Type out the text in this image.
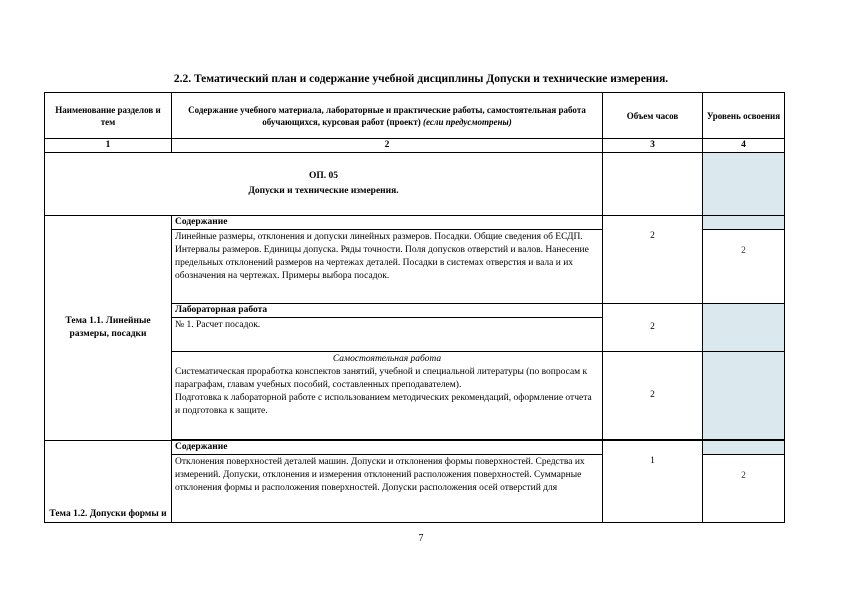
2.2. Тематический план и содержание учебной дисциплины Допуски и технические измерения.
Наименование разделов и тем	Содержание учебного материала, лабораторные и практические работы, самостоятельная работа обучающихся, курсовая работ (проект) (если предусмотрены)	Объем часов	Уровень освоения
1	2	3	4

ОП. 05
Допуски и технические измерения.			

Тема 1.1. Линейные размеры, посадки	Содержание	2	
	Линейные размеры, отклонения и допуски линейных размеров. Посадки. Общие сведения об ЕСДП. Интервалы размеров. Единицы допуска. Ряды точности. Поля допусков отверстий и валов. Нанесение предельных отклонений размеров на чертежах деталей. Посадки в системах отверстия и вала и их обозначения на чертежах. Примеры выбора посадок.		2
	Лабораторная работа	2	
	№ 1. Расчет посадок.		

	Самостоятельная работа
Систематическая проработка конспектов занятий, учебной и специальной литературы (по вопросам к параграфам, главам учебных пособий, составленных преподавателем).
Подготовка к лабораторной работе с использованием методических рекомендаций, оформление отчета и подготовка к защите.	2	

Тема 1.2. Допуски формы и	Содержание	1	
	Отклонения поверхностей деталей машин. Допуски и отклонения формы поверхностей. Средства их измерений. Допуски, отклонения и измерения отклонений расположения поверхностей. Суммарные отклонения формы и расположения поверхностей. Допуски расположения осей отверстий для		2
7
